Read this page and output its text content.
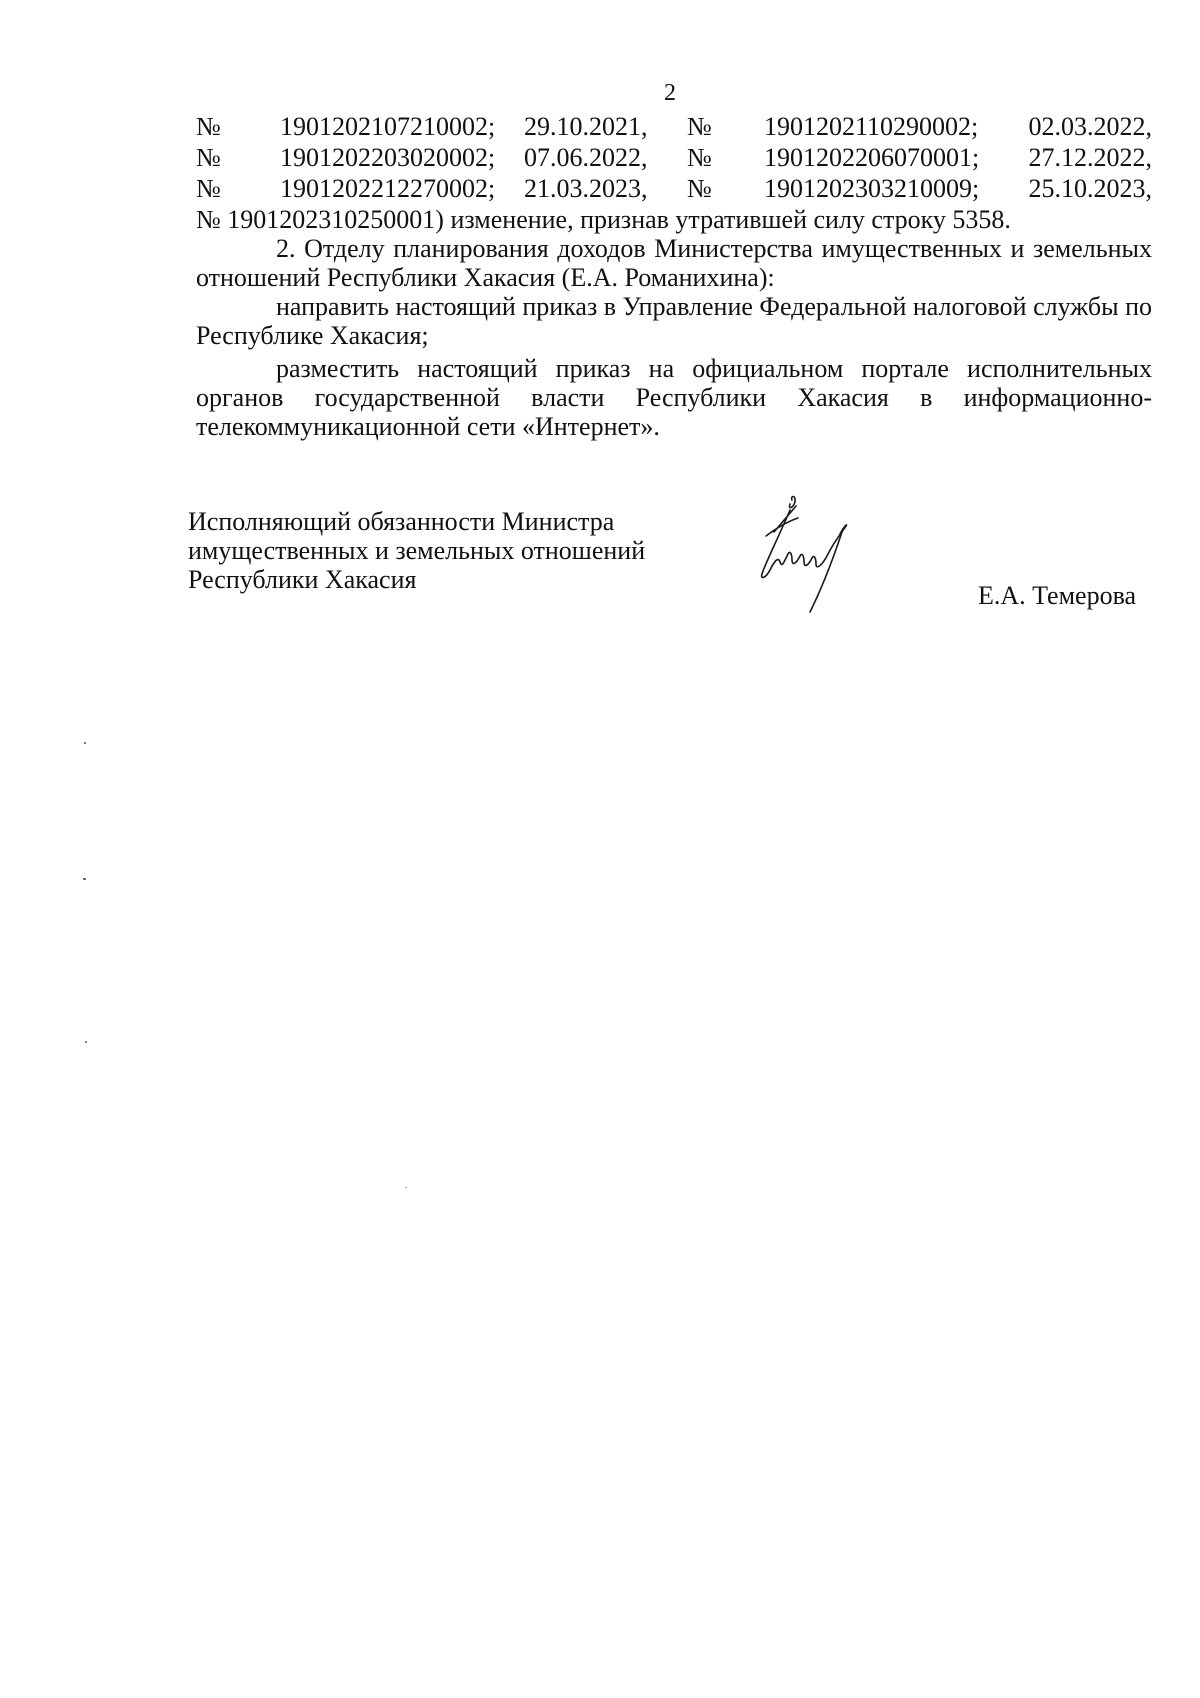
2
№ 1901202107210002; 29.10.2021, № 1901202110290002; 02.03.2022,
№ 1901202203020002; 07.06.2022, № 1901202206070001; 27.12.2022,
№ 1901202212270002; 21.03.2023, № 1901202303210009; 25.10.2023,

№ 1901202310250001) изменение, признав утратившей силу строку 5358.

2. Отделу планирования доходов Министерства имущественных и земельных отношений Республики Хакасия (Е.А. Романихина):

направить настоящий приказ в Управление Федеральной налоговой службы по Республике Хакасия;

разместить настоящий приказ на официальном портале исполнительных органов государственной власти Республики Хакасия в информационно-телекоммуникационной сети «Интернет».

Исполняющий обязанности Министра
имущественных и земельных отношений
Республики Хакасия
Е.А. Темерова
